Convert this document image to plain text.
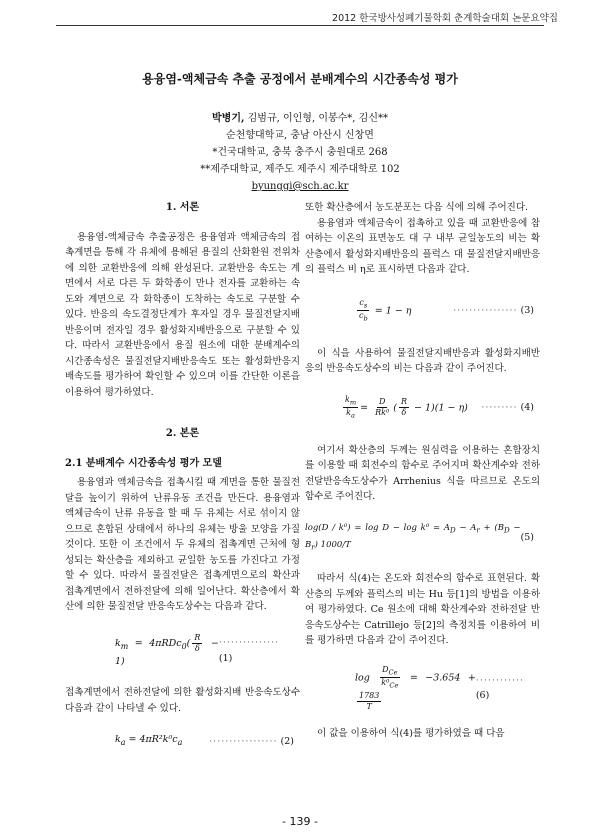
2012 한국방사성폐기물학회 춘계학술대회 논문요약집
용융염-액체금속 추출 공정에서 분배계수의 시간종속성 평가
박병기, 김범규, 이인형, 이봉수*, 김신**
순천향대학교, 충남 아산시 신창면
*건국대학교, 충북 충주시 충원대로 268
**제주대학교, 제주도 제주시 제주대학로 102
byunggi@sch.ac.kr
1. 서론

용융염-액체금속 추출공정은 용융염과 액체금속의 접촉계면을 통해 각 유체에 용해된 용질의 산화환원 전위차에 의한 교환반응에 의해 완성된다. 교환반응 속도는 계면에서 서로 다른 두 화학종이 만나 전자를 교환하는 속도와 계면으로 각 화학종이 도착하는 속도로 구분할 수 있다. 반응의 속도결정단계가 후자일 경우 물질전달지배반응이며 전자일 경우 활성화지배반응으로 구분할 수 있다. 따라서 교환반응에서 용질 원소에 대한 분배계수의 시간종속성은 물질전달지배반응속도 또는 활성화반응지배속도를 평가하여 확인할 수 있으며 이를 간단한 이론을 이용하여 평가하였다.

2. 본론
2.1 분배계수 시간종속성 평가 모델

용융염과 액체금속을 접촉시킬 때 계면을 통한 물질전달을 높이기 위하여 난류유동 조건을 만든다. 용융염과 액체금속이 난류 유동을 할 때 두 유체는 서로 섞이지 않으므로 혼합된 상태에서 하나의 유체는 방울 모양을 가질 것이다. 또한 이 조건에서 두 유체의 접촉계면 근처에 형성되는 확산층을 제외하고 균일한 농도를 가진다고 가정할 수 있다. 따라서 물질전달은 접촉계면으로의 확산과 접촉계면에서 전하전달에 의해 일어난다. 확산층에서 확산에 의한 물질전달 반응속도상수는 다음과 같다.

$k_m = 4\pi RDc_0( \frac{R}{\delta} - 1)$
··············· (1)

접촉계면에서 전하전달에 의한 활성화지배 반응속도상수 다음과 같이 나타낼 수 있다.

$k_a = 4\pi R^2k^0c_a$	················· (2)

또한 확산층에서 농도분포는 다음 식에 의해 주어진다.

용융염과 액체금속이 접촉하고 있을 때 교환반응에 참여하는 이온의 표면농도 대 구 내부 균일농도의 비는 확산층에서 활성화지배반응의 플럭스 대 물질전달지배반응의 플럭스 비 η로 표시하면 다음과 같다.

$\frac{c_s}{c_b} = 1 - \eta$	················ (3)

이 식을 사용하여 물질전달지배반응과 활성화지배반응의 반응속도상수의 비는 다음과 같이 주어진다.

$\frac{k_m}{k_a} = \frac{D}{\text{Rk⁰}}$ ( $\frac{R}{\delta} - 1)(1 - \eta)$ ········· (4)

여기서 확산층의 두께는 원심력을 이용하는 혼합장치를 이용할 때 회전수의 함수로 주어지며 확산계수와 전하전달반응속도상수가 Arrhenius 식을 따르므로 온도의 함수로 주어진다.

$\log(D / k^0) = \log D - \log k^0 = A_D - A_r + (B_D - B_r)$ 1000/T
(5)

따라서 식(4)는 온도와 회전수의 함수로 표현된다. 확산층의 두께와 플럭스의 비는 Hu 등[1]의 방법을 이용하여 평가하였다. Ce 원소에 대해 확산계수와 전하전달 반응속도상수는 Catrillejo 등[2]의 측정치를 이용하여 비를 평가하면 다음과 같이 주어진다.

$\log \frac{D_{Ce}}{k^0_{Ce}} = -3.654$ +
$\frac{1783}{T}$
············ (6)

이 값을 이용하여 식(4)를 평가하였을 때 다음

- 139 -
